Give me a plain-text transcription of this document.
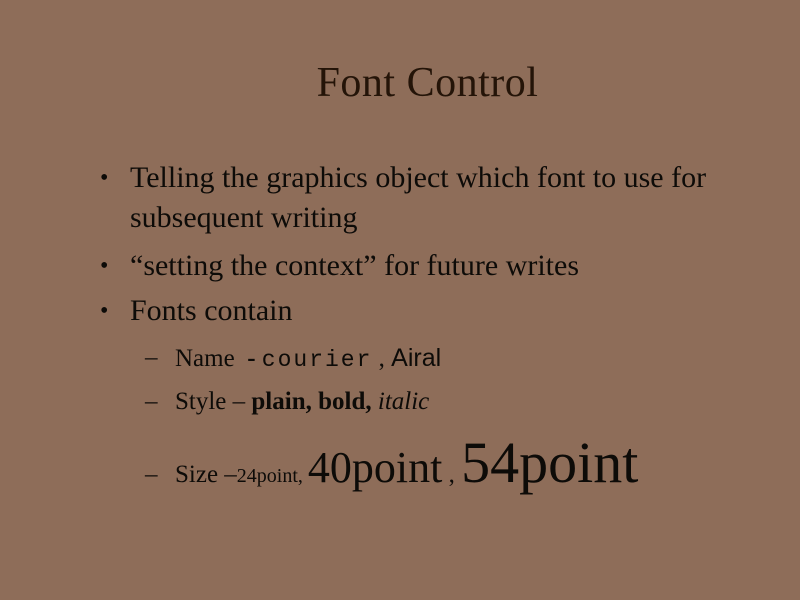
Font Control
• Telling the graphics object which font to use for subsequent writing
• “setting the context” for future writes
• Fonts contain
– Name  - courier , Airal
– Style – plain, bold, italic
– Size –24point, 40point , 54point
